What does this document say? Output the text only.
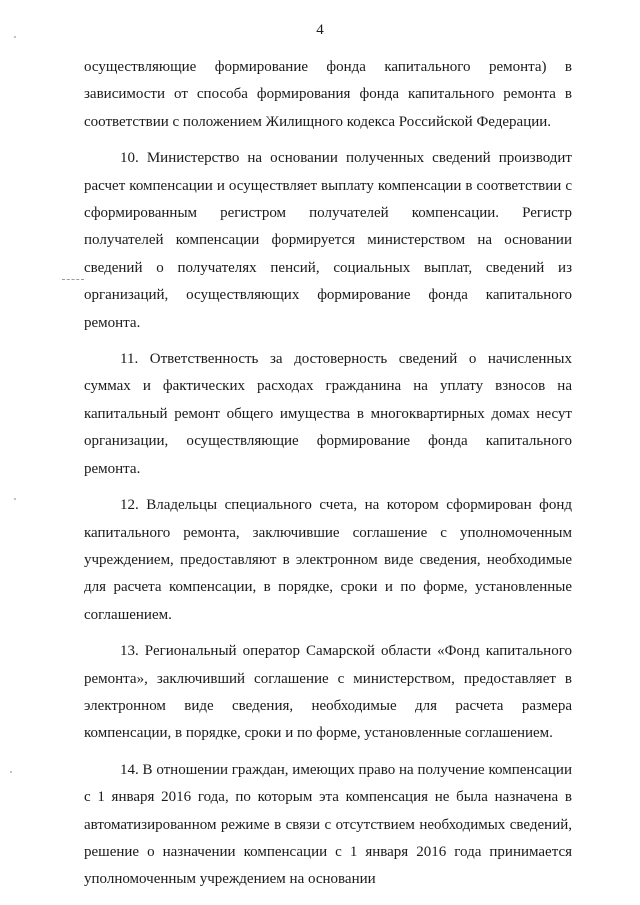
4

осуществляющие формирование фонда капитального ремонта) в зависимости от способа формирования фонда капитального ремонта в соответствии с положением Жилищного кодекса Российской Федерации.

10. Министерство на основании полученных сведений производит расчет компенсации и осуществляет выплату компенсации в соответствии с сформированным регистром получателей компенсации. Регистр получателей компенсации формируется министерством на основании сведений о получателях пенсий, социальных выплат, сведений из организаций, осуществляющих формирование фонда капитального ремонта.

11. Ответственность за достоверность сведений о начисленных суммах и фактических расходах гражданина на уплату взносов на капитальный ремонт общего имущества в многоквартирных домах несут организации, осуществляющие формирование фонда капитального ремонта.

12. Владельцы специального счета, на котором сформирован фонд капитального ремонта, заключившие соглашение с уполномоченным учреждением, предоставляют в электронном виде сведения, необходимые для расчета компенсации, в порядке, сроки и по форме, установленные соглашением.

13. Региональный оператор Самарской области «Фонд капитального ремонта», заключивший соглашение с министерством, предоставляет в электронном виде сведения, необходимые для расчета размера компенсации, в порядке, сроки и по форме, установленные соглашением.

14. В отношении граждан, имеющих право на получение компенсации с 1 января 2016 года, по которым эта компенсация не была назначена в автоматизированном режиме в связи с отсутствием необходимых сведений, решение о назначении компенсации с 1 января 2016 года принимается уполномоченным учреждением на основании
